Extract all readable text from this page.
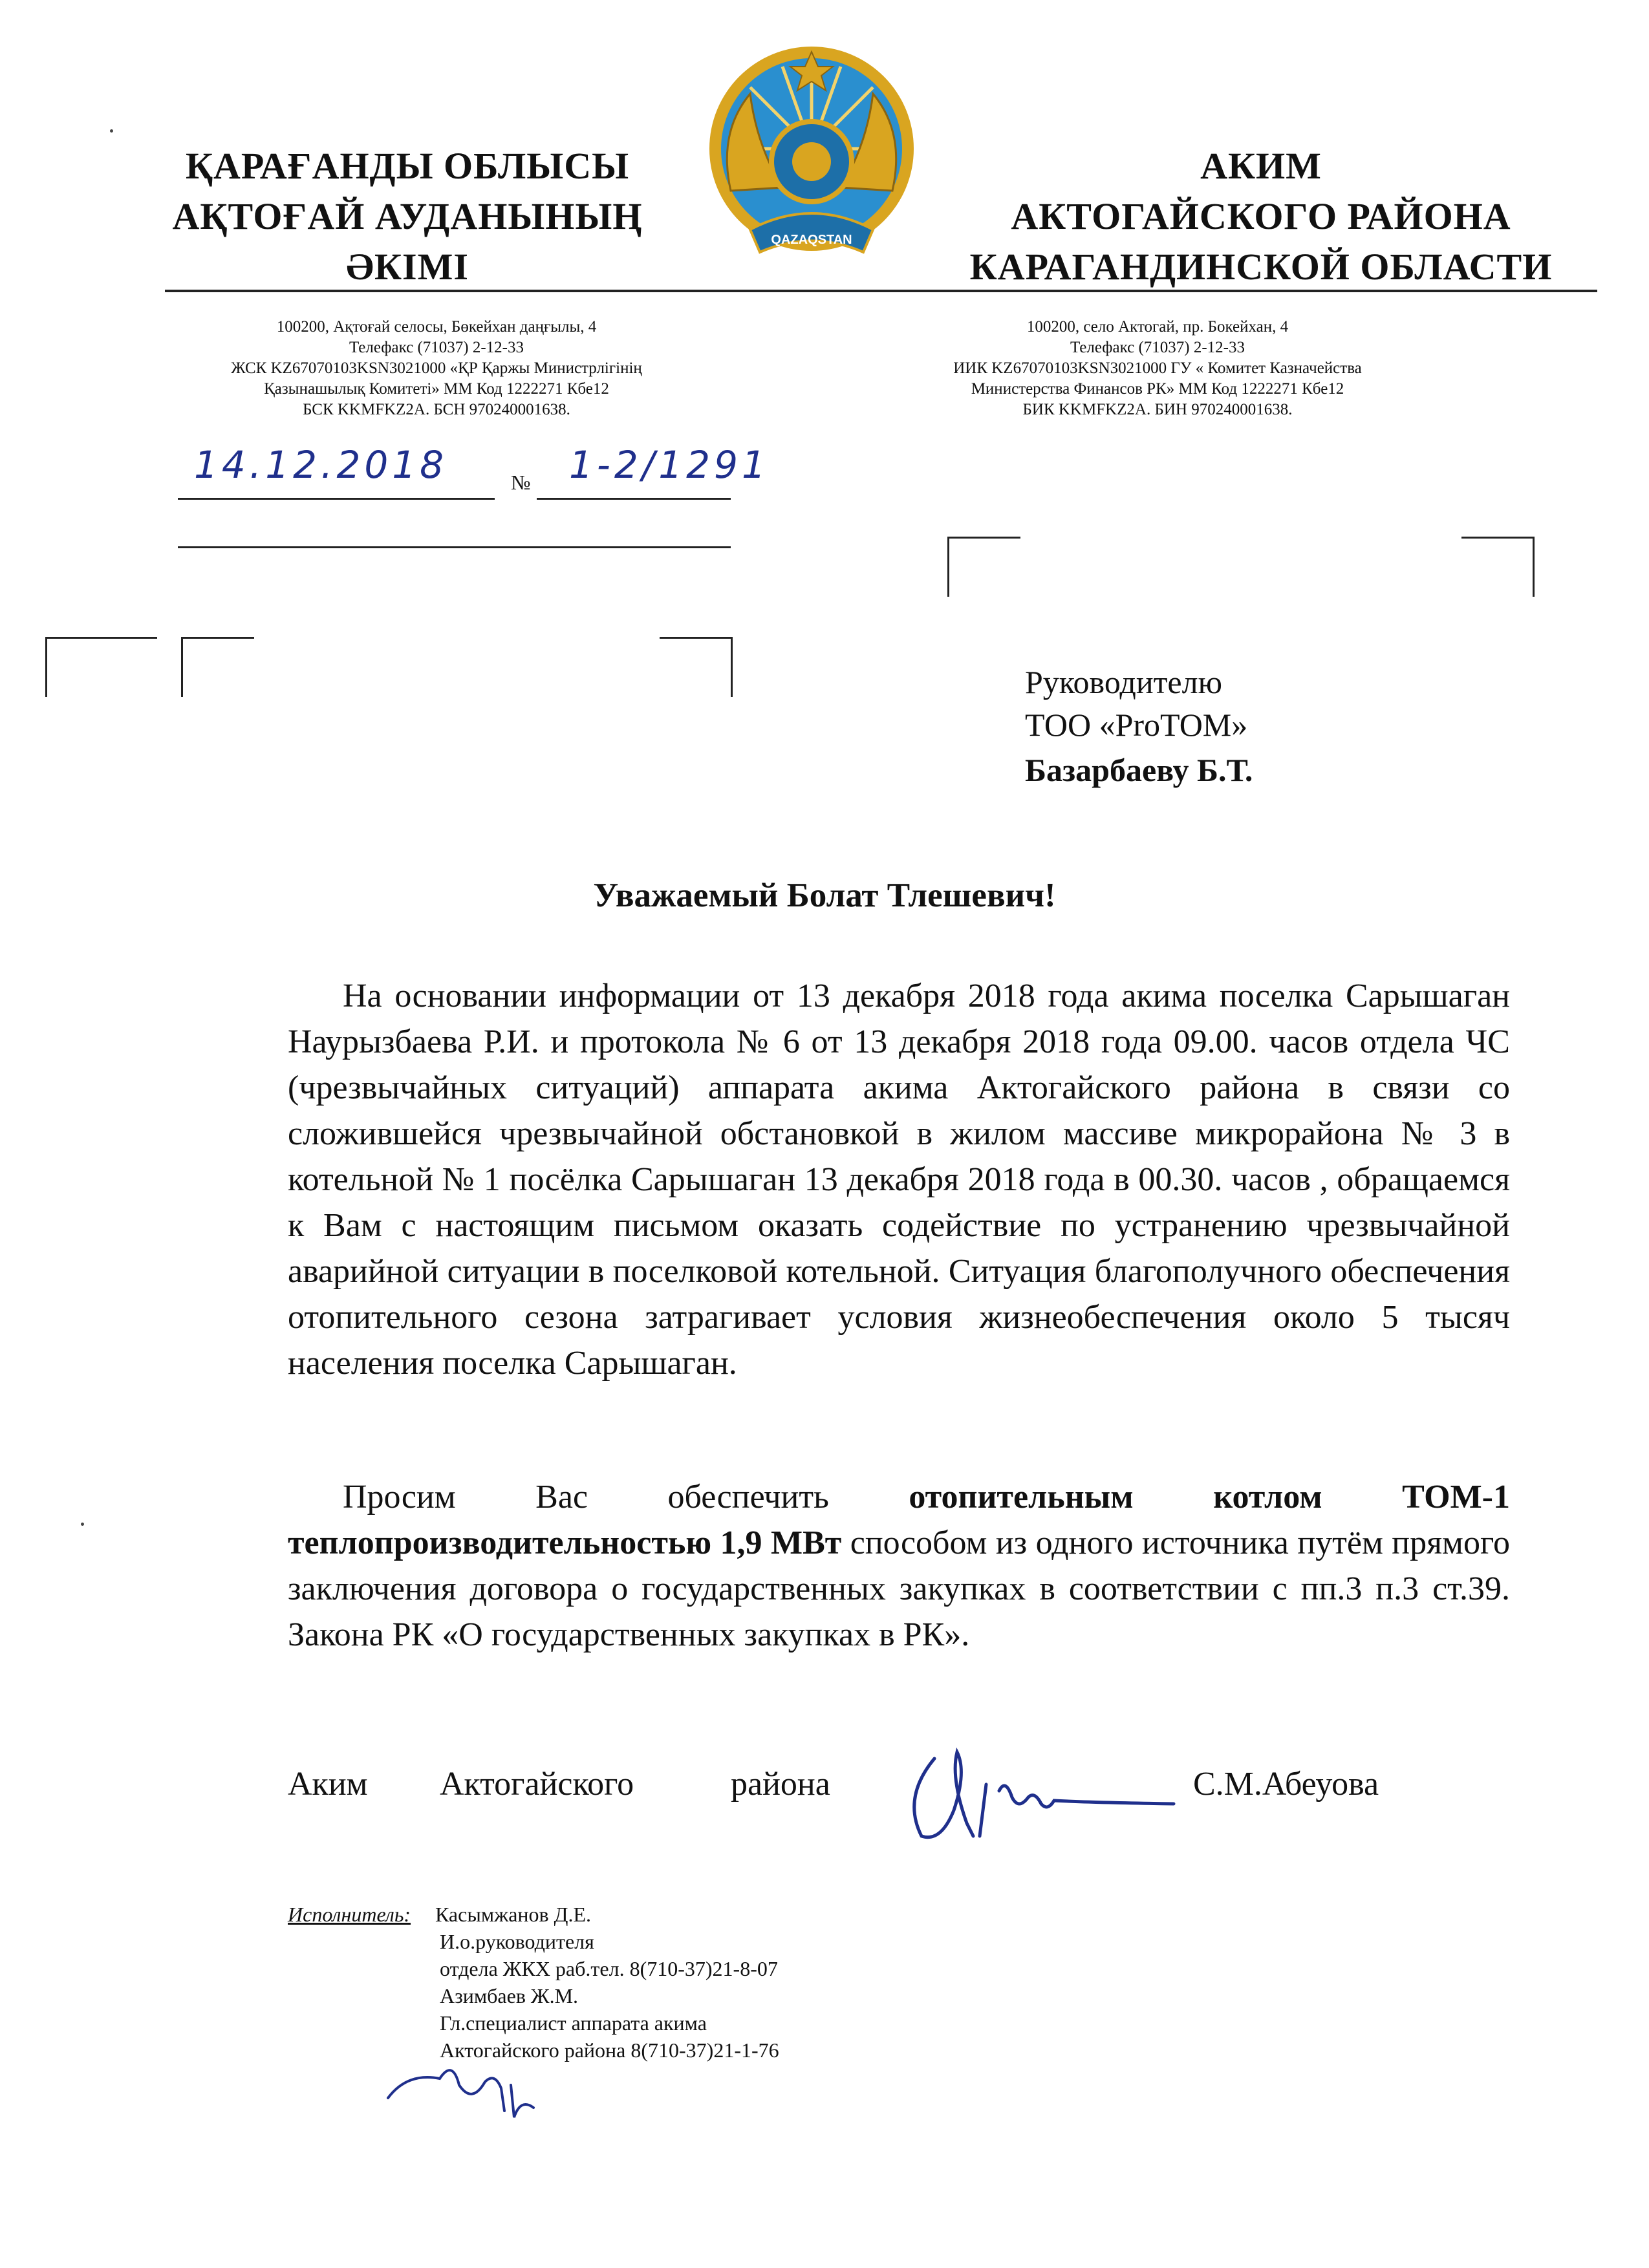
ҚАРАҒАНДЫ ОБЛЫСЫ
АҚТОҒАЙ АУДАНЫНЫҢ
ӘКІМІ
QAZAQSTAN
АКИМ
АКТОГАЙСКОГО РАЙОНА
КАРАГАНДИНСКОЙ ОБЛАСТИ
100200, Ақтоғай селосы, Бөкейхан даңғылы, 4
Телефакс (71037) 2-12-33
ЖСК KZ67070103KSN3021000 «ҚР Қаржы Министрлігінің
Қазынашылық Комитеті» ММ Код 1222271 Кбе12
БСК KKMFKZ2A. БСН 970240001638.
100200, село Актогай, пр. Бокейхан, 4
Телефакс (71037) 2-12-33
ИИК KZ67070103KSN3021000 ГУ « Комитет Казначейства
Министерства Финансов РК» ММ Код 1222271 Кбе12
БИК KKMFKZ2A. БИН 970240001638.
14.12.2018	№ 1-2/1291
Руководителю
ТОО «ProTOM»
Базарбаеву Б.Т.
Уважаемый Болат Тлешевич!
На основании информации от 13 декабря 2018 года акима поселка Сарышаган Наурызбаева Р.И. и протокола № 6 от 13 декабря 2018 года 09.00. часов отдела ЧС (чрезвычайных ситуаций) аппарата акима Актогайского района в связи со сложившейся чрезвычайной обстановкой в жилом массиве микрорайона № 3 в котельной № 1 посёлка Сарышаган 13 декабря 2018 года в 00.30. часов , обращаемся к Вам с настоящим письмом оказать содействие по устранению чрезвычайной аварийной ситуации в поселковой котельной. Ситуация благополучного обеспечения отопительного сезона затрагивает условия жизнеобеспечения около 5 тысяч населения поселка Сарышаган.
Просим Вас обеспечить отопительным котлом ТОМ-1 теплопроизводительностью 1,9 МВт способом из одного источника путём прямого заключения договора о государственных закупках в соответствии с пп.3 п.3 ст.39. Закона РК «О государственных закупках в РК».
Аким Актогайского	района	С.М.Абеуова
Исполнитель: Касымжанов Д.Е.
И.о.руководителя
отдела ЖКХ раб.тел. 8(710-37)21-8-07
Азимбаев Ж.М.
Гл.специалист аппарата акима
Актогайского района 8(710-37)21-1-76
